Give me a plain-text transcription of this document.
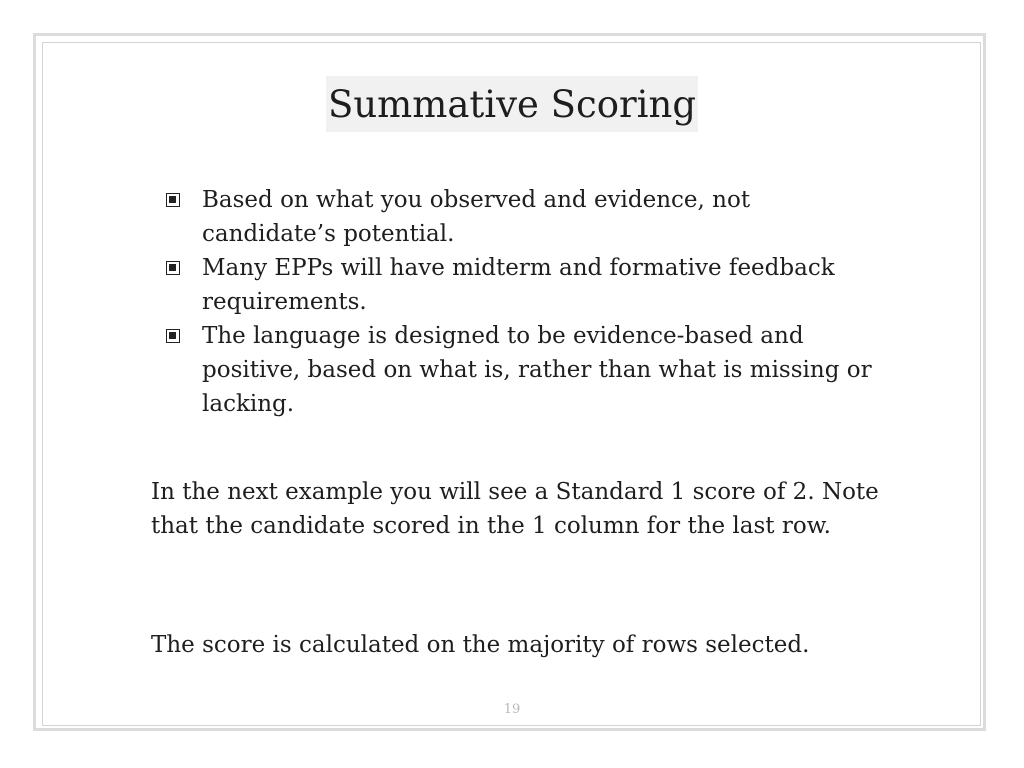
Summative Scoring
Based on what you observed and evidence, not candidate’s potential.
Many EPPs will have midterm and formative feedback requirements.
The language is designed to be evidence-based and positive, based on what is, rather than what is missing or lacking.

In the next example you will see a Standard 1 score of 2. Note that the candidate scored in the 1 column for the last row.

The score is calculated on the majority of rows selected.

19
